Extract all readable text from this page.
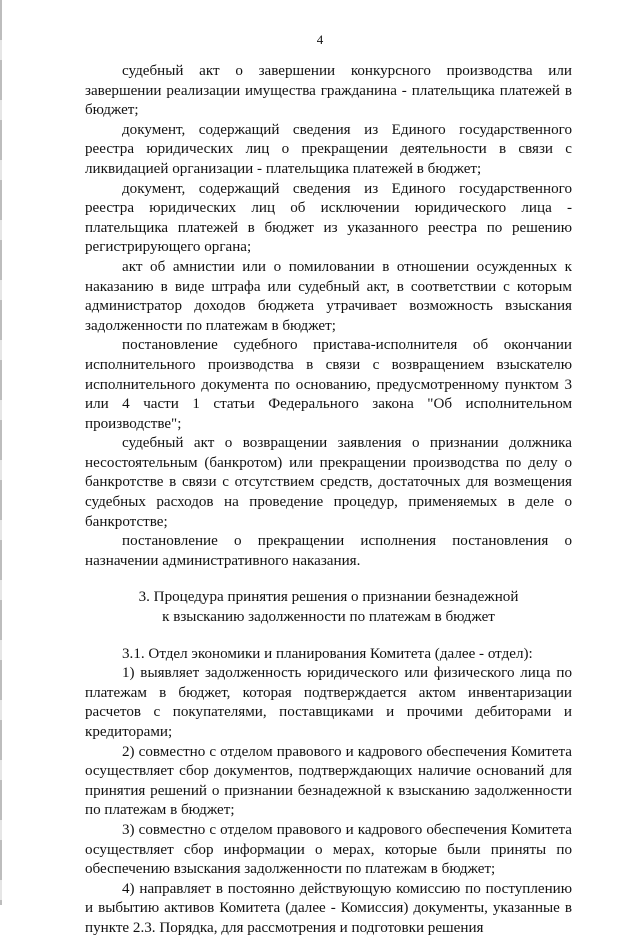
4

судебный акт о завершении конкурсного производства или завершении реализации имущества гражданина - плательщика платежей в бюджет;

документ, содержащий сведения из Единого государственного реестра юридических лиц о прекращении деятельности в связи с ликвидацией организации - плательщика платежей в бюджет;

документ, содержащий сведения из Единого государственного реестра юридических лиц об исключении юридического лица - плательщика платежей в бюджет из указанного реестра по решению регистрирующего органа;

акт об амнистии или о помиловании в отношении осужденных к наказанию в виде штрафа или судебный акт, в соответствии с которым администратор доходов бюджета утрачивает возможность взыскания задолженности по платежам в бюджет;

постановление судебного пристава-исполнителя об окончании исполнительного производства в связи с возвращением взыскателю исполнительного документа по основанию, предусмотренному пунктом 3 или 4 части 1 статьи Федерального закона "Об исполнительном производстве";

судебный акт о возвращении заявления о признании должника несостоятельным (банкротом) или прекращении производства по делу о банкротстве в связи с отсутствием средств, достаточных для возмещения судебных расходов на проведение процедур, применяемых в деле о банкротстве;

постановление о прекращении исполнения постановления о назначении административного наказания.

3. Процедура принятия решения о признании безнадежной
к взысканию задолженности по платежам в бюджет

3.1. Отдел экономики и планирования Комитета (далее - отдел):

1) выявляет задолженность юридического или физического лица по платежам в бюджет, которая подтверждается актом инвентаризации расчетов с покупателями, поставщиками и прочими дебиторами и кредиторами;

2) совместно с отделом правового и кадрового обеспечения Комитета осуществляет сбор документов, подтверждающих наличие оснований для принятия решений о признании безнадежной к взысканию задолженности по платежам в бюджет;

3) совместно с отделом правового и кадрового обеспечения Комитета осуществляет сбор информации о мерах, которые были приняты по обеспечению взыскания задолженности по платежам в бюджет;

4) направляет в постоянно действующую комиссию по поступлению и выбытию активов Комитета (далее - Комиссия) документы, указанные в пункте 2.3. Порядка, для рассмотрения и подготовки решения
